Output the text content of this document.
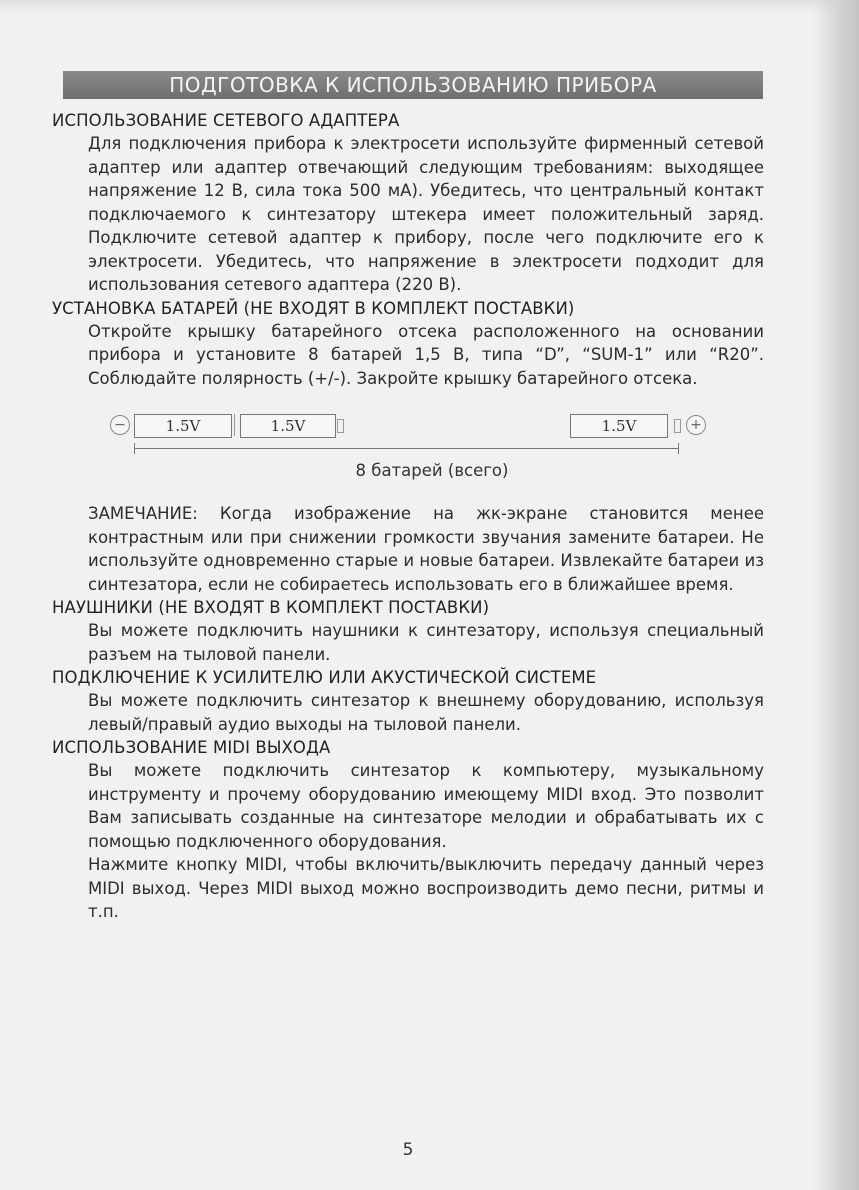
ПОДГОТОВКА К ИСПОЛЬЗОВАНИЮ ПРИБОРА

ИСПОЛЬЗОВАНИЕ СЕТЕВОГО АДАПТЕРА

Для подключения прибора к электросети используйте фирменный сетевой адаптер или адаптер отвечающий следующим требованиям: выходящее напряжение 12 В, сила тока 500 мА). Убедитесь, что центральный контакт подключаемого к синтезатору штекера имеет положительный заряд. Подключите сетевой адаптер к прибору, после чего подключите его к электросети. Убедитесь, что напряжение в электросети подходит для использования сетевого адаптера (220 В).

УСТАНОВКА БАТАРЕЙ (НЕ ВХОДЯТ В КОМПЛЕКТ ПОСТАВКИ)

Откройте крышку батарейного отсека расположенного на основании прибора и установите 8 батарей 1,5 В, типа “D”, “SUM-1” или “R20”. Соблюдайте полярность (+/-). Закройте крышку батарейного отсека.

−	1.5V	1.5V	1.5V	+
8 батарей (всего)

ЗАМЕЧАНИЕ: Когда изображение на жк-экране становится менее контрастным или при снижении громкости звучания замените батареи. Не используйте одновременно старые и новые батареи. Извлекайте батареи из синтезатора, если не собираетесь использовать его в ближайшее время.

НАУШНИКИ (НЕ ВХОДЯТ В КОМПЛЕКТ ПОСТАВКИ)

Вы можете подключить наушники к синтезатору, используя специальный разъем на тыловой панели.

ПОДКЛЮЧЕНИЕ К УСИЛИТЕЛЮ ИЛИ АКУСТИЧЕСКОЙ СИСТЕМЕ

Вы можете подключить синтезатор к внешнему оборудованию, используя левый/правый аудио выходы на тыловой панели.

ИСПОЛЬЗОВАНИЕ MIDI ВЫХОДА

Вы можете подключить синтезатор к компьютеру, музыкальному инструменту и прочему оборудованию имеющему MIDI вход. Это позволит Вам записывать созданные на синтезаторе мелодии и обрабатывать их с помощью подключенного оборудования.

Нажмите кнопку MIDI, чтобы включить/выключить передачу данный через MIDI выход. Через MIDI выход можно воспроизводить демо песни, ритмы и т.п.

5
